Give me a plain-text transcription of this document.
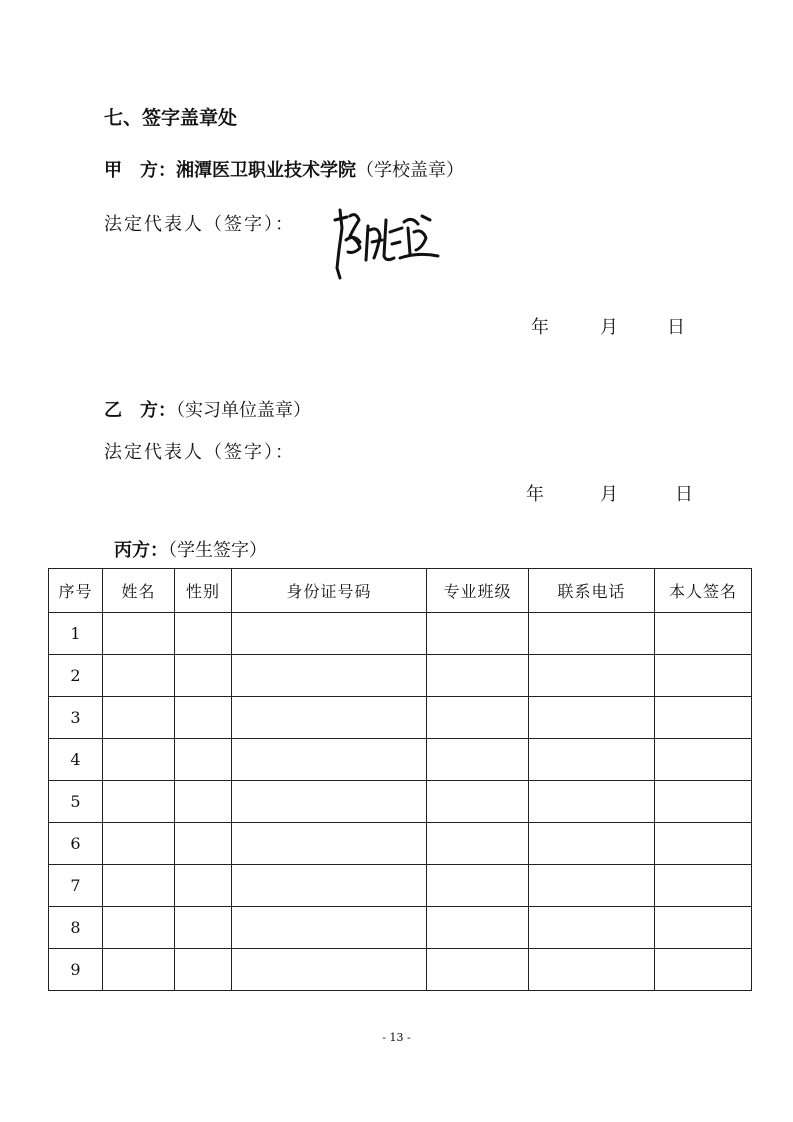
七、签字盖章处
甲　方：湘潭医卫职业技术学院（学校盖章）
法定代表人（签字）：
年	月	日
乙　方：（实习单位盖章）
法定代表人（签字）：
年	月	日
丙方：（学生签字）
序号	姓名	性别	身份证号码	专业班级	联系电话	本人签名
1						
2						
3						
4						
5						
6						
7						
8						
9						
- 13 -
